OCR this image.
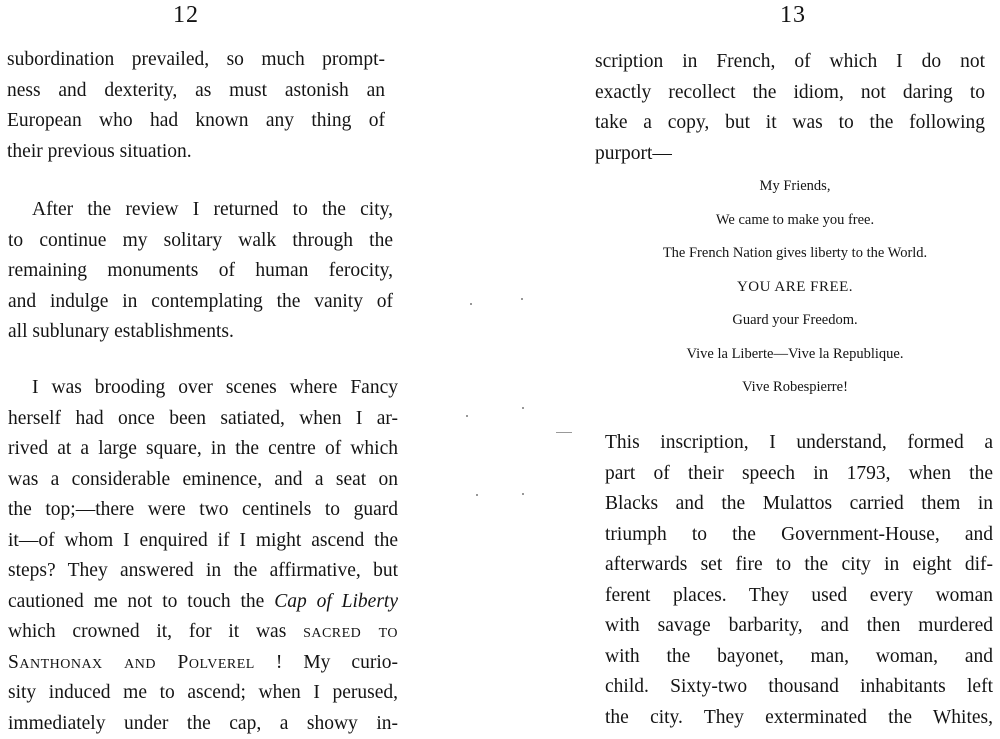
12

subordination prevailed, so much prompt-
ness and dexterity, as must astonish an
European who had known any thing of
their previous situation.

After the review I returned to the city,
to continue my solitary walk through the
remaining monuments of human ferocity,
and indulge in contemplating the vanity of
all sublunary establishments.

I was brooding over scenes where Fancy
herself had once been satiated, when I ar-
rived at a large square, in the centre of which
was a considerable eminence, and a seat on
the top;—there were two centinels to guard
it—of whom I enquired if I might ascend the
steps? They answered in the affirmative, but
cautioned me not to touch the Cap of Liberty
which crowned it, for it was sacred to
Santhonax and Polverel ! My curio-
sity induced me to ascend; when I perused,
immediately under the cap, a showy in-

13

scription in French, of which I do not
exactly recollect the idiom, not daring to
take a copy, but it was to the following
purport—

My Friends,
We came to make you free.
The French Nation gives liberty to the World.
YOU ARE FREE.
Guard your Freedom.
Vive la Liberte—Vive la Republique.
Vive Robespierre!

This inscription, I understand, formed a
part of their speech in 1793, when the
Blacks and the Mulattos carried them in
triumph to the Government-House, and
afterwards set fire to the city in eight dif-
ferent places. They used every woman
with savage barbarity, and then murdered
with the bayonet, man, woman, and
child. Sixty-two thousand inhabitants left
the city. They exterminated the Whites,
